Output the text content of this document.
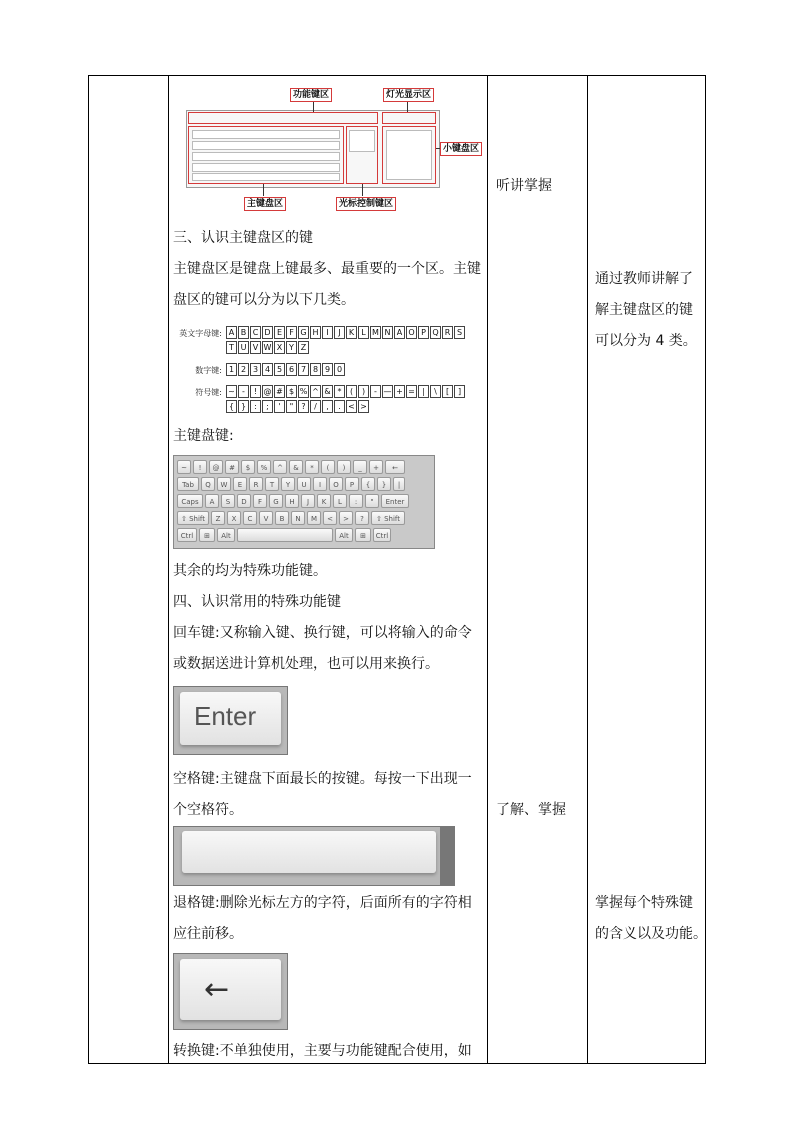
功能键区	灯光显示区
小键盘区
主键盘区	光标控制键区
三、认识主键盘区的键
主键盘区是键盘上键最多、最重要的一个区。主键
盘区的键可以分为以下几类。
英文字母键: A B C D E F G H I	J	K L M N A O P Q R S
T U V W X Y Z
数字键: 1 2 3 4 5 6 7 8 9 0
符号键: ~ -	! @ # $ % ^ & *	(	)	- — + = |	\	[	]
{ }	:	;	'	"	?	/	,	. < >
主键盘键:
~	!	@	#	$	%	^	&	*	(	)	_	+	←
Tab	Q	W	E	R	T	Y	U	I	O	P	{	}	|
Caps	A	S	D	F	G	H	J	K	L	:	"	Enter
⇧ Shift	Z	X	C	V	B	N	M	<	>	?	⇧ Shift
Ctrl	⊞	Alt	Alt	⊞	Ctrl
其余的均为特殊功能键。
四、认识常用的特殊功能键
回车键:又称输入键、换行键，可以将输入的命令
或数据送进计算机处理，也可以用来换行。
Enter
空格键:主键盘下面最长的按键。每按一下出现一
个空格符。
退格键:删除光标左方的字符，后面所有的字符相
应往前移。
←
转换键:不单独使用，主要与功能键配合使用，如
听讲掌握
了解、掌握
通过教师讲解了
解主键盘区的键
可以分为 4 类。
掌握每个特殊键
的含义以及功能。
